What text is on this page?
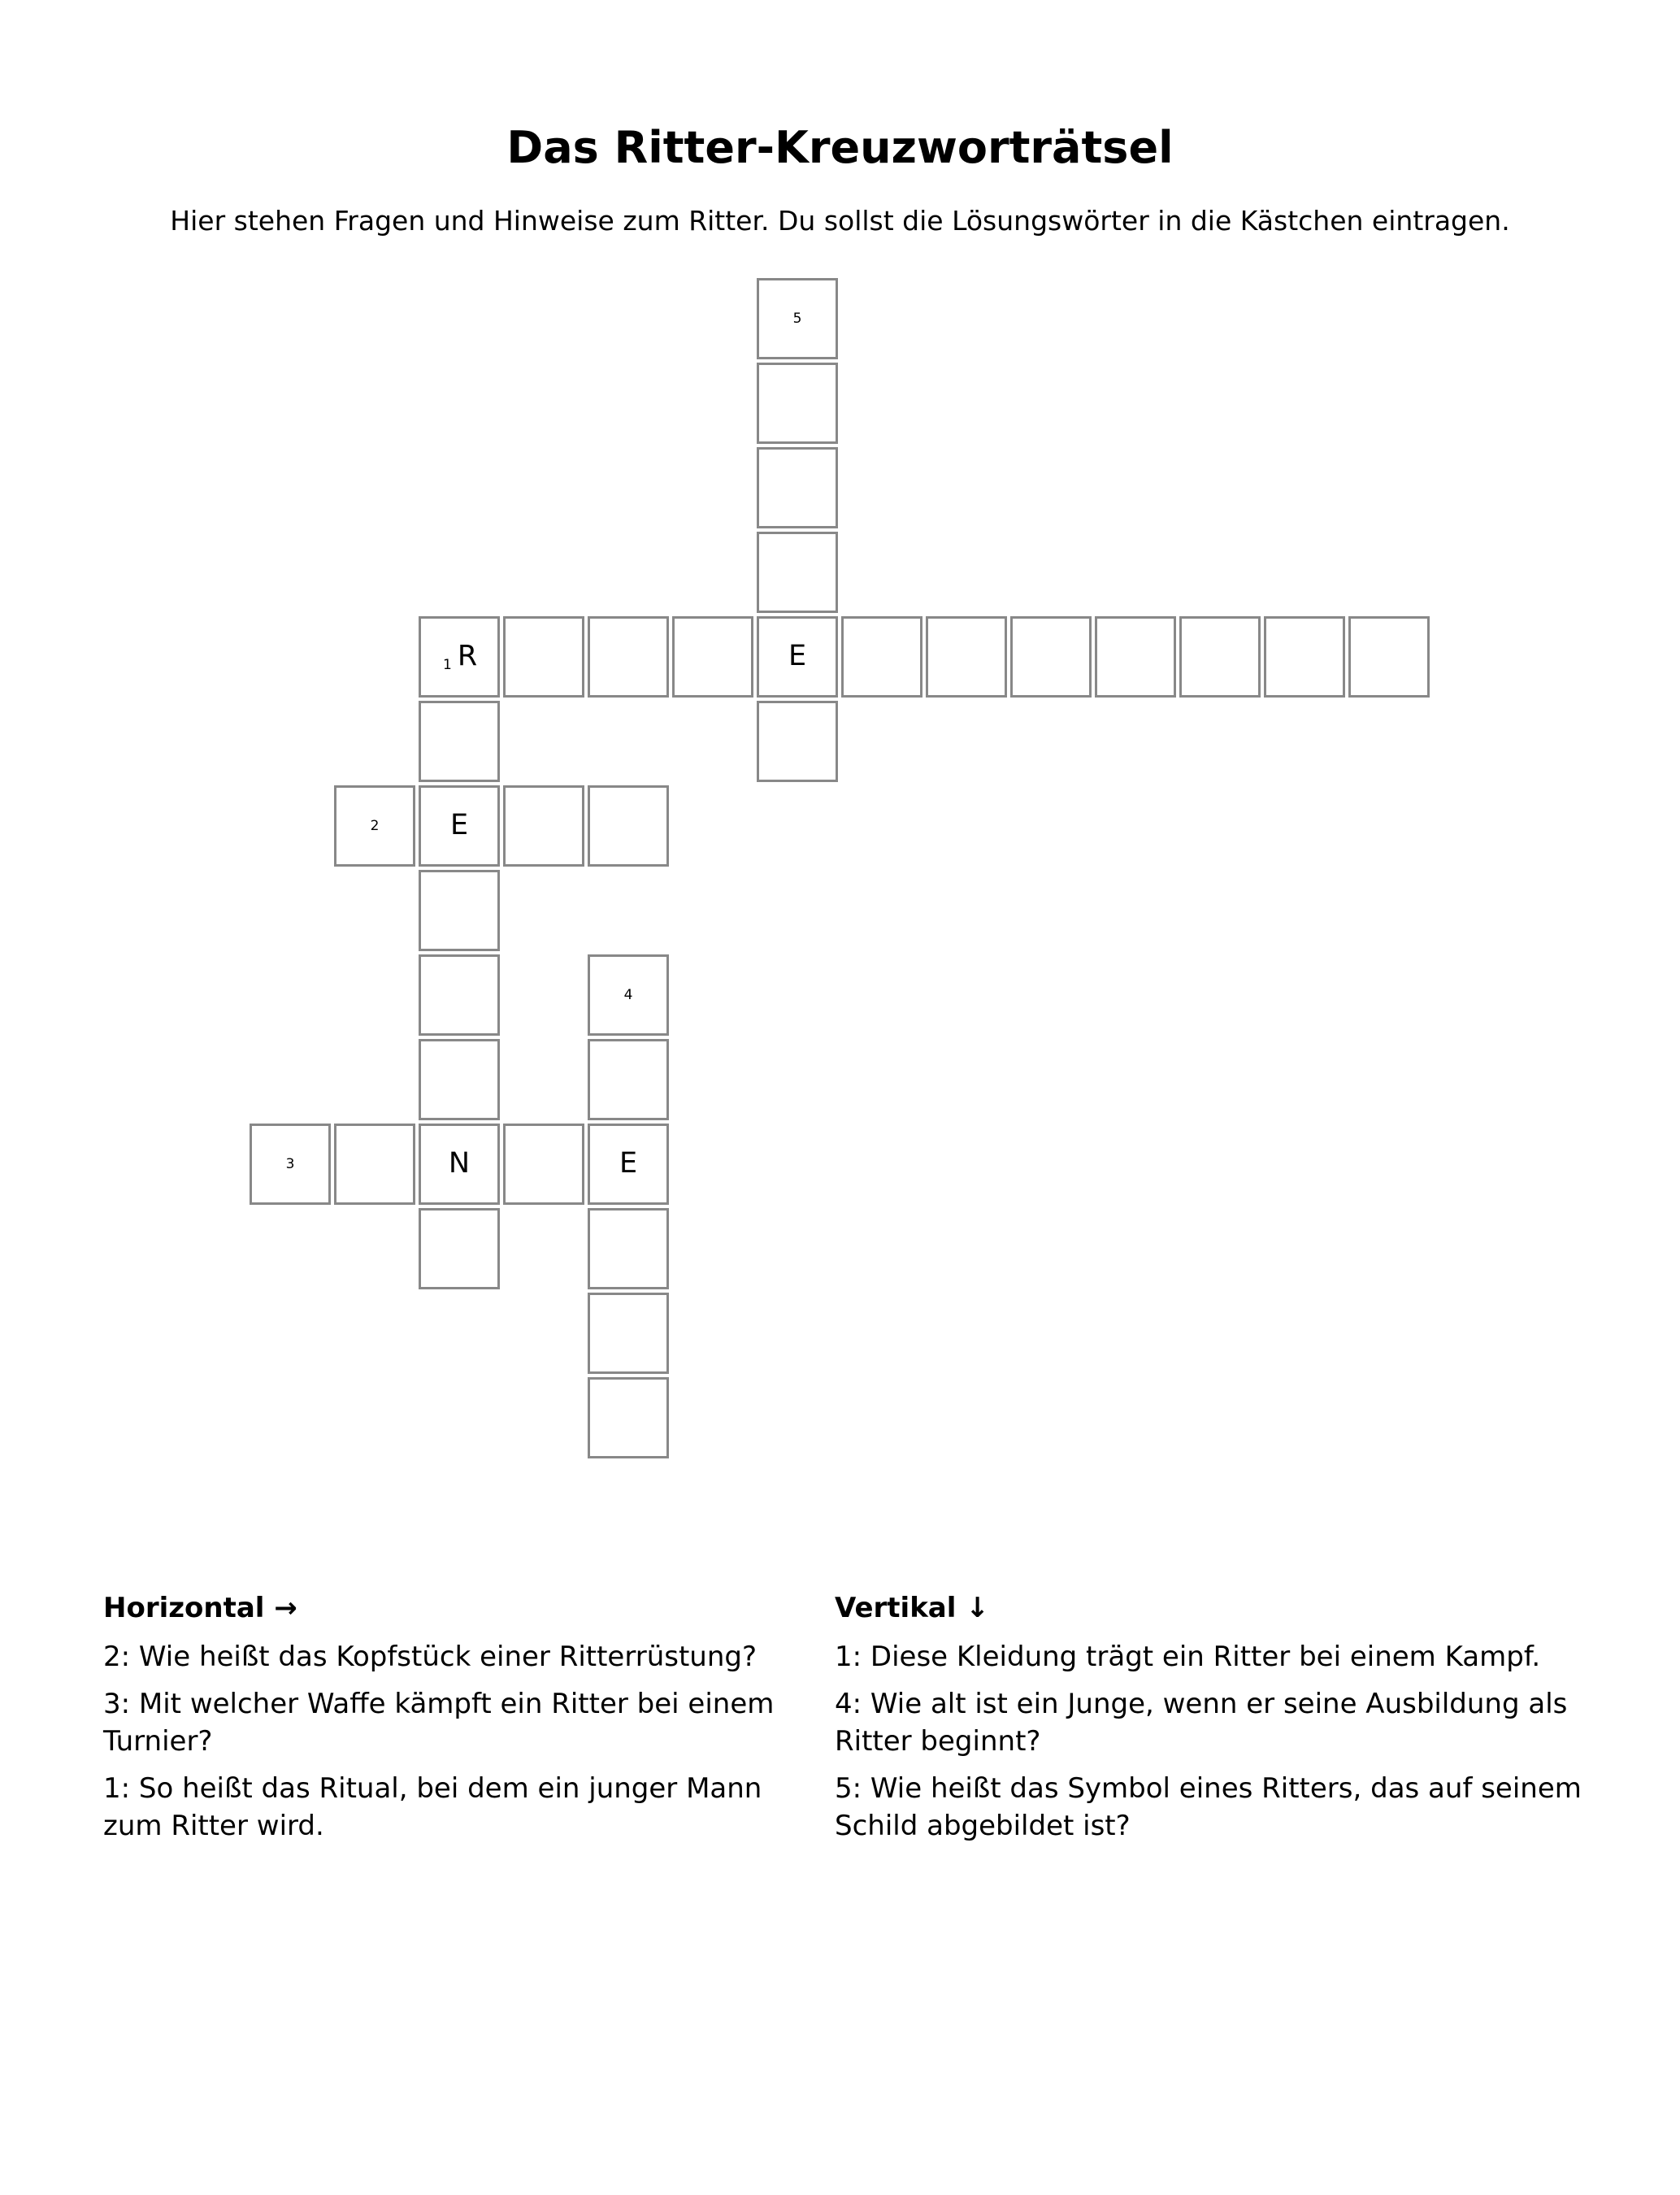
Das Ritter-Kreuzworträtsel
Hier stehen Fragen und Hinweise zum Ritter. Du sollst die Lösungswörter in die Kästchen eintragen.
5
1 R	E
2	E
4
3	N	E
Horizontal →

2: Wie heißt das Kopfstück einer Ritterrüstung?

3: Mit welcher Waffe kämpft ein Ritter bei einem Turnier?

1: So heißt das Ritual, bei dem ein junger Mann zum Ritter wird.

Vertikal ↓

1: Diese Kleidung trägt ein Ritter bei einem Kampf.

4: Wie alt ist ein Junge, wenn er seine Ausbildung als Ritter beginnt?

5: Wie heißt das Symbol eines Ritters, das auf seinem Schild abgebildet ist?
